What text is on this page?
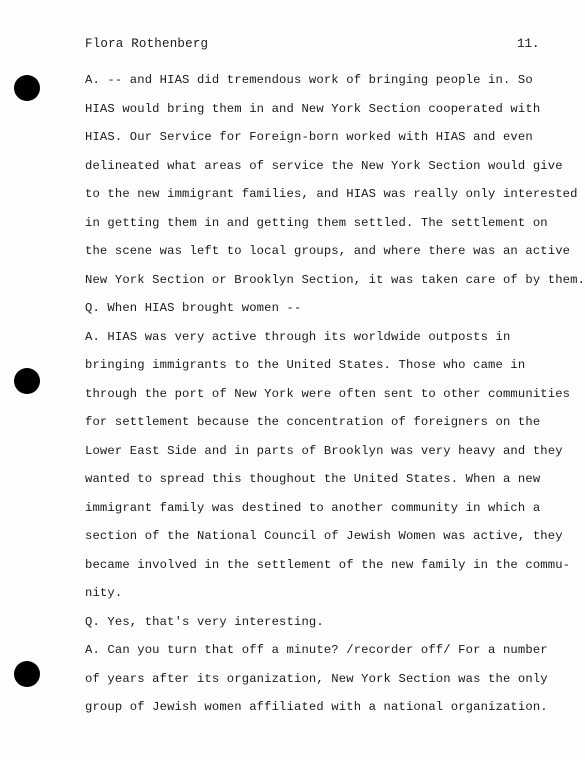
Flora Rothenberg	11.
A. -- and HIAS did tremendous work of bringing people in. So
HIAS would bring them in and New York Section cooperated with
HIAS. Our Service for Foreign-born worked with HIAS and even
delineated what areas of service the New York Section would give
to the new immigrant families, and HIAS was really only interested
in getting them in and getting them settled. The settlement on
the scene was left to local groups, and where there was an active
New York Section or Brooklyn Section, it was taken care of by them.
Q. When HIAS brought women --
A. HIAS was very active through its worldwide outposts in
bringing immigrants to the United States. Those who came in
through the port of New York were often sent to other communities
for settlement because the concentration of foreigners on the
Lower East Side and in parts of Brooklyn was very heavy and they
wanted to spread this thoughout the United States. When a new
immigrant family was destined to another community in which a
section of the National Council of Jewish Women was active, they
became involved in the settlement of the new family in the commu-
nity.
Q. Yes, that's very interesting.
A. Can you turn that off a minute? /recorder off/ For a number
of years after its organization, New York Section was the only
group of Jewish women affiliated with a national organization.
